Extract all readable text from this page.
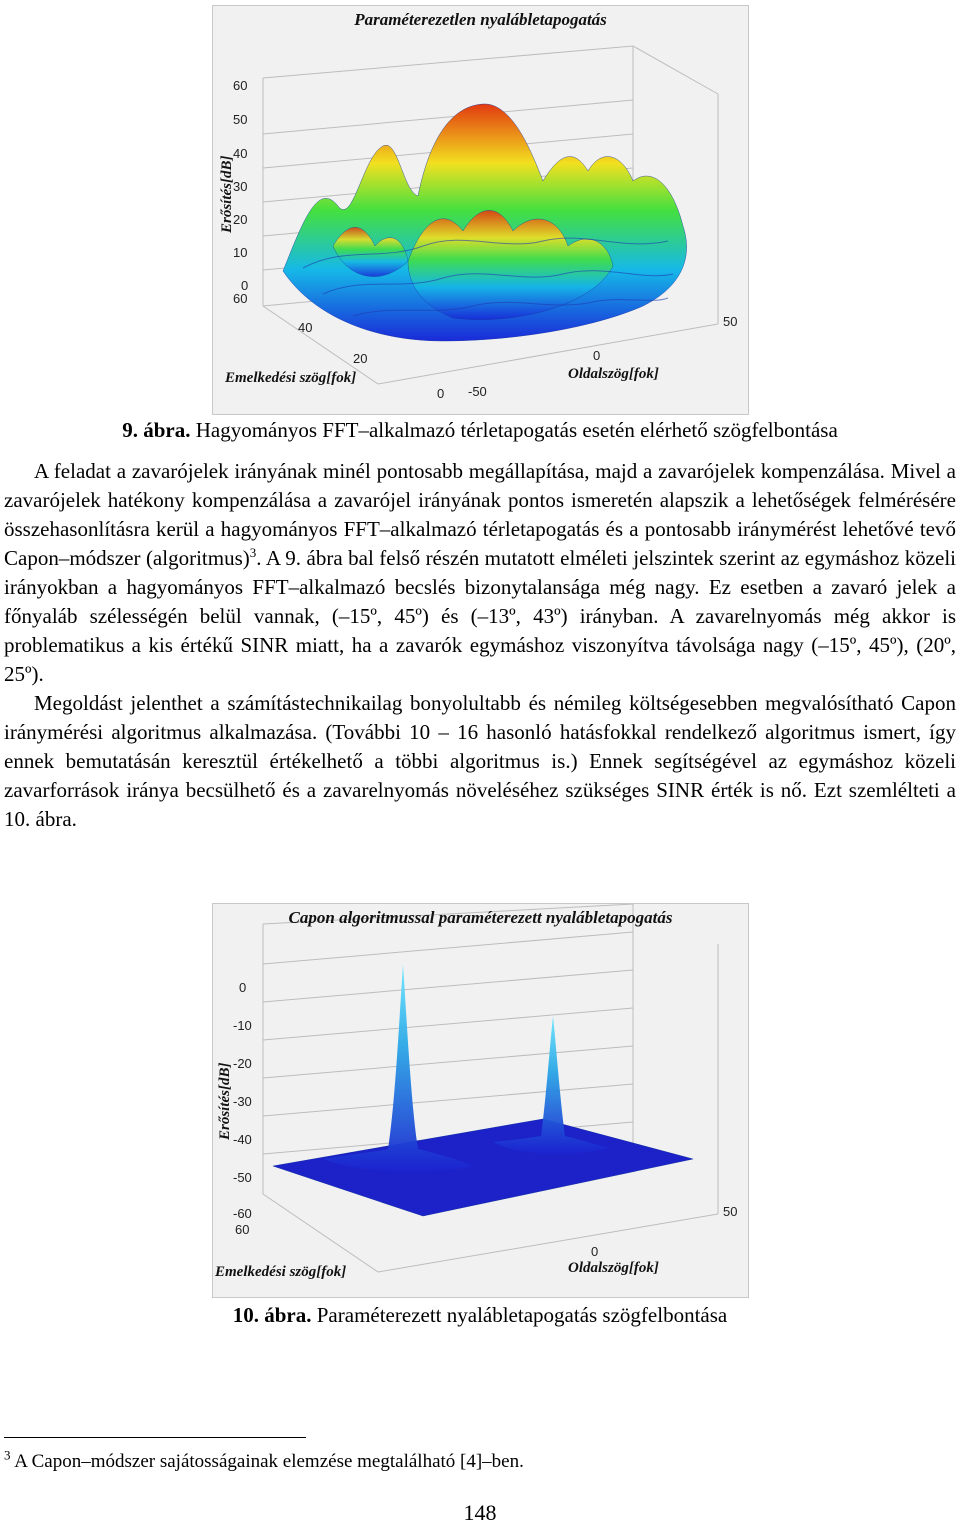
Paraméterezetlen nyalábletapogatás
Erősítés[dB]
60
50
40
30
20
10
0
60
40
20
0
50
0
-50
Emelkedési szög[fok]	Oldalszög[fok]
9. ábra. Hagyományos FFT–alkalmazó térletapogatás esetén elérhető szögfelbontása

A feladat a zavarójelek irányának minél pontosabb megállapítása, majd a zavarójelek kompenzálása. Mivel a zavarójelek hatékony kompenzálása a zavarójel irányának pontos ismeretén alapszik a lehetőségek felmérésére összehasonlításra kerül a hagyományos FFT–alkalmazó térletapogatás és a pontosabb iránymérést lehetővé tevő Capon–módszer (algoritmus)$^3$. A 9. ábra bal felső részén mutatott elméleti jelszintek szerint az egymáshoz közeli irányokban a hagyományos FFT–alkalmazó becslés bizonytalansága még nagy. Ez esetben a zavaró jelek a főnyaláb szélességén belül vannak, (–15º, 45º) és (–13º, 43º) irányban. A zavarelnyomás még akkor is problematikus a kis értékű SINR miatt, ha a zavarók egymáshoz viszonyítva távolsága nagy (–15º, 45º), (20º, 25º).

Megoldást jelenthet a számítástechnikailag bonyolultabb és némileg költségesebben megvalósítható Capon iránymérési algoritmus alkalmazása. (További 10 – 16 hasonló hatásfokkal rendelkező algoritmus ismert, így ennek bemutatásán keresztül értékelhető a többi algoritmus is.) Ennek segítségével az egymáshoz közeli zavarforrások iránya becsülhető és a zavarelnyomás növeléséhez szükséges SINR érték is nő. Ezt szemlélteti a 10. ábra.

Capon algoritmussal paraméterezett nyalábletapogatás
Erősítés[dB]
0
-10
-20
-30
-40
-50
-60
60
50
0
Emelkedési szög[fok]	Oldalszög[fok]
10. ábra. Paraméterezett nyalábletapogatás szögfelbontása
$^3$ A Capon–módszer sajátosságainak elemzése megtalálható [4]–ben.
148
